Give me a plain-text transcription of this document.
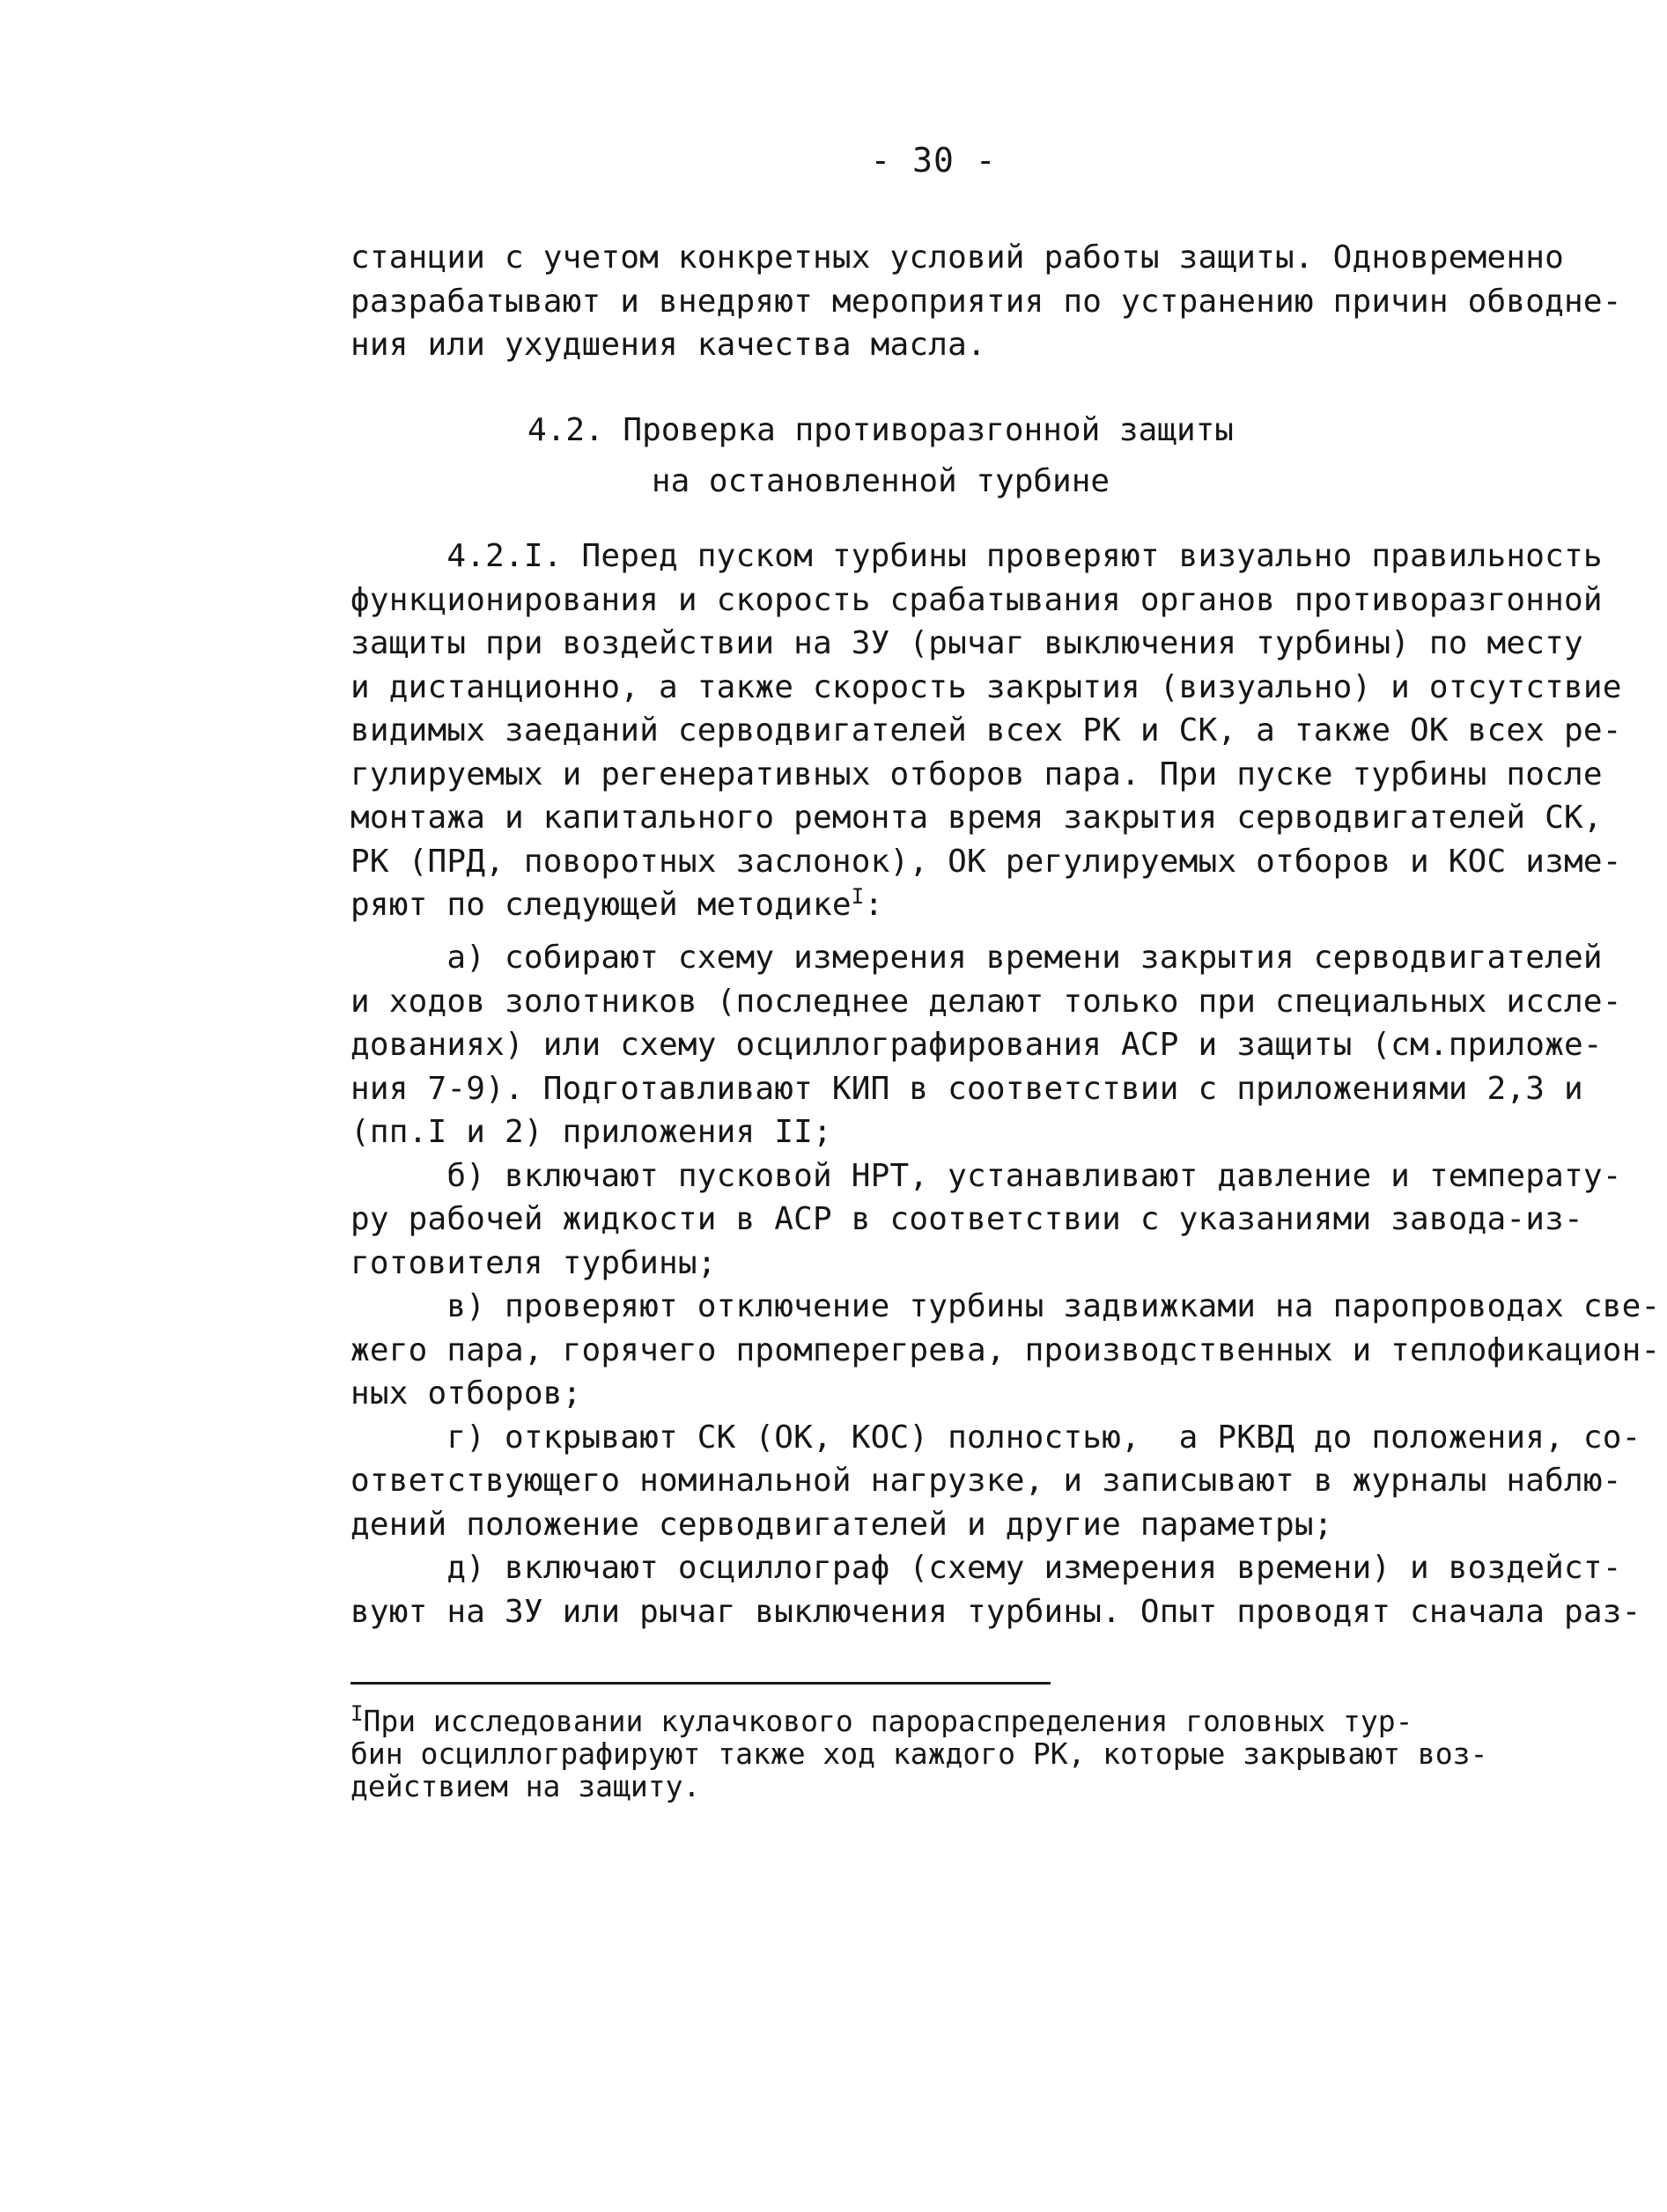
- 30 -

станции с учетом конкретных условий работы защиты. Одновременно
разрабатывают и внедряют мероприятия по устранению причин обводне-
ния или ухудшения качества масла.

4.2. Проверка противоразгонной защиты
на остановленной турбине

4.2.I. Перед пуском турбины проверяют визуально правильность
функционирования и скорость срабатывания органов противоразгонной
защиты при воздействии на ЗУ (рычаг выключения турбины) по месту
и дистанционно, а также скорость закрытия (визуально) и отсутствие
видимых заеданий серводвигателей всех РК и СК, а также ОК всех ре-
гулируемых и регенеративных отборов пара. При пуске турбины после
монтажа и капитального ремонта время закрытия серводвигателей СК,
РК (ПРД, поворотных заслонок), ОК регулируемых отборов и КОС изме-
ряют по следующей методике$^I$:

а) собирают схему измерения времени закрытия серводвигателей
и ходов золотников (последнее делают только при специальных иссле-
дованиях) или схему осциллографирования АСР и защиты (см.приложе-
ния 7-9). Подготавливают КИП в соответствии с приложениями 2,3 и
(пп.I и 2) приложения II;
б) включают пусковой НРТ, устанавливают давление и температу-
ру рабочей жидкости в АСР в соответствии с указаниями завода-из-
готовителя турбины;
в) проверяют отключение турбины задвижками на паропроводах све-
жего пара, горячего промперегрева, производственных и теплофикацион-
ных отборов;
г) открывают СК (ОК, КОС) полностью,  а РКВД до положения, со-
ответствующего номинальной нагрузке, и записывают в журналы наблю-
дений положение серводвигателей и другие параметры;
д) включают осциллограф (схему измерения времени) и воздейст-
вуют на ЗУ или рычаг выключения турбины. Опыт проводят сначала раз-

$^I$При исследовании кулачкового парораспределения головных тур-
бин осциллографируют также ход каждого РК, которые закрывают воз-
действием на защиту.
